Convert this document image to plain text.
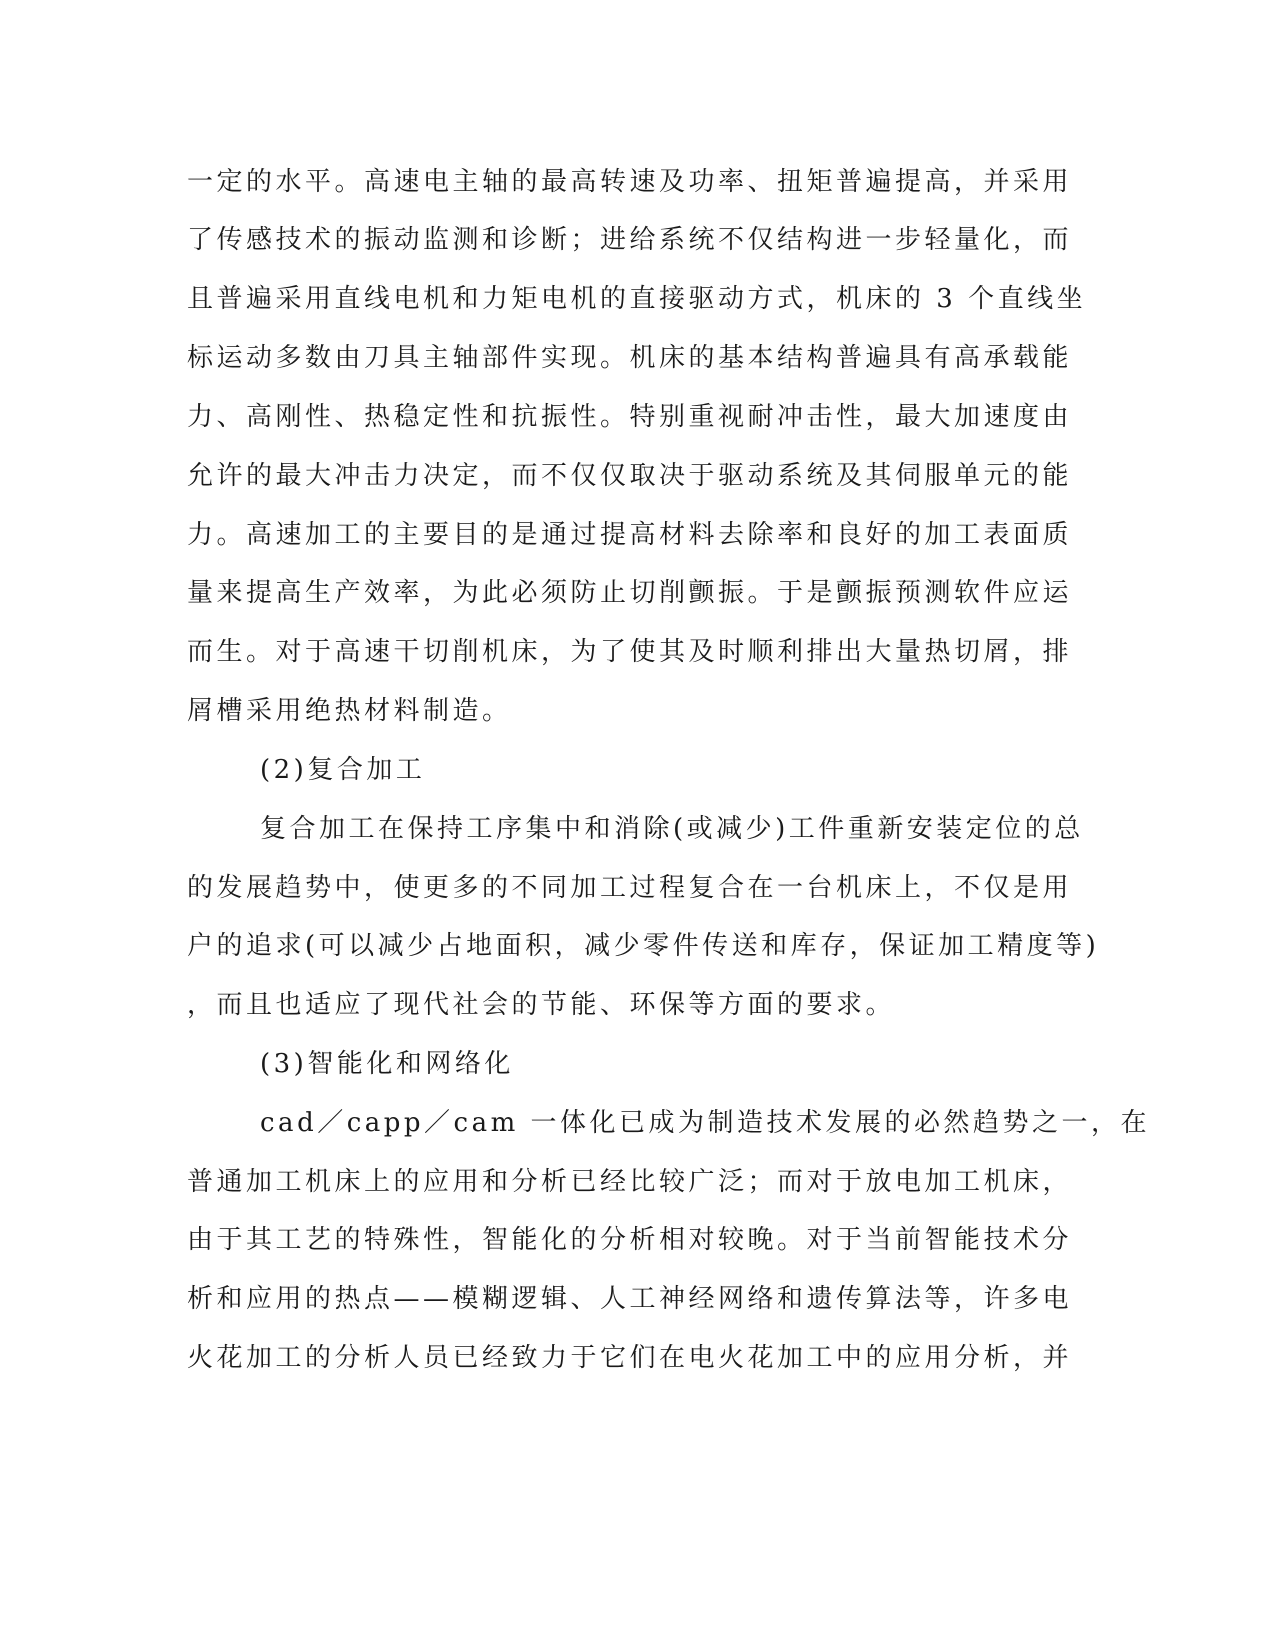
一定的水平。高速电主轴的最高转速及功率、扭矩普遍提高，并采用

了传感技术的振动监测和诊断；进给系统不仅结构进一步轻量化，而

且普遍采用直线电机和力矩电机的直接驱动方式，机床的 3 个直线坐

标运动多数由刀具主轴部件实现。机床的基本结构普遍具有高承载能

力、高刚性、热稳定性和抗振性。特别重视耐冲击性，最大加速度由

允许的最大冲击力决定，而不仅仅取决于驱动系统及其伺服单元的能

力。高速加工的主要目的是通过提高材料去除率和良好的加工表面质

量来提高生产效率，为此必须防止切削颤振。于是颤振预测软件应运

而生。对于高速干切削机床，为了使其及时顺利排出大量热切屑，排

屑槽采用绝热材料制造。

(2)复合加工

复合加工在保持工序集中和消除(或减少)工件重新安装定位的总

的发展趋势中，使更多的不同加工过程复合在一台机床上，不仅是用

户的追求(可以减少占地面积，减少零件传送和库存，保证加工精度等)

，而且也适应了现代社会的节能、环保等方面的要求。

(3)智能化和网络化

cad／capp／cam 一体化已成为制造技术发展的必然趋势之一，在

普通加工机床上的应用和分析已经比较广泛；而对于放电加工机床，

由于其工艺的特殊性，智能化的分析相对较晚。对于当前智能技术分

析和应用的热点——模糊逻辑、人工神经网络和遗传算法等，许多电

火花加工的分析人员已经致力于它们在电火花加工中的应用分析，并
